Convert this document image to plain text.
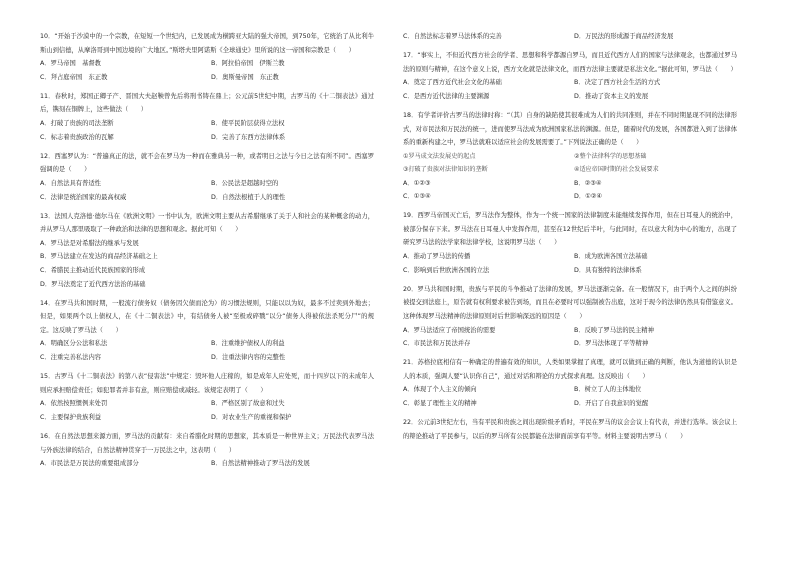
10．“开始于沙漠中的一个宗教，在短短一个世纪内，已发展成为横跨亚大陆的强大帝国，到750年，它统治了从比利牛斯山到信德，从摩洛哥到中国边境的广大地区。”斯塔夫里阿诺斯《全球通史》里所说的这一帝国和宗教是（　　）
A．罗马帝国　基督教	B．阿拉伯帝国　伊斯兰教
C．拜占庭帝国　东正教	D．奥斯曼帝国　东正教
11．春秋时，郑国正卿子产、晋国大夫赵鞅曾先后将刑书铸在鼎上；公元前5世纪中期，古罗马的《十二铜表法》通过后，镌刻在铜牌上，这些做法（　　）
A．打破了贵族的司法垄断	B．使平民阶层获得立法权
C．标志着贵族政治的瓦解	D．完善了东西方法律体系
12．西塞罗认为：“普遍真正的法，就不会在罗马为一种而在雅典另一种，或者明日之法与今日之法有所不同”。西塞罗强调的是（　　）
A．自然法具有普适性	B．公民法是超越时空的
C．法律是统治国家的最高权威	D．自然法根植于人的理性
13．法国人克洛德·德尔马在《欧洲文明》一书中认为，欧洲文明主要从古希腊继承了关于人和社会的某种概念的动力，并从罗马人那里吸取了一种政治和法律的思想和观念。据此可知（　　）
A．罗马法是对希腊法的继承与发展
B．罗马法建立在发达的商品经济基础之上
C．希腊民主推动近代民族国家的形成
D．罗马法奠定了近代西方法治的基础
14．在罗马共和国时期，一般流行债务奴（债务因欠债而沦为）的习惯法规则，只能以以为奴，最多不过卖到外地去；但是，如果两个以上债权人，在《十二铜表法》中，有结债务人被“至极或碎戮”以分“债务人得被依法杀死分尸”的规定。这反映了罗马法（　　）
A．明确区分公法和私法	B．注重维护债权人的利益
C．注重完善私法内容	D．注重法律内容的完整性
15．古罗马《十二铜表法》的第八表“侵害法”中规定：毁坏他人庄稼的，如是成年人应处死，而十四岁以下的未成年人则应承担赔偿责任；如犯罪者并非有意，则应赔偿或减轻。该规定表明了（　　）
A．依然按照惯例来处罚	B．严格区别了故意和过失
C．主要保护贵族利益	D．对农业生产的重视和保护
16．在自然法思想来源方面，罗马法的贡献有：来自希腊化时期的思想家，其本质是一种世界主义；万民法代表罗马法与外族法律的结合，自然法精神贯穿于一万民法之中，这表明（　　）
A．市民法是万民法的重要组成部分	B．自然法精神推动了罗马法的发展
C．自然法标志着罗马法体系的完善	D．万民法的形成源于商品经济发展
17．“事实上，不但近代西方社会的学者、思想和科学都源自罗马，而且近代西方人们的国家与法律观念，也都通过罗马法的原则与精神，在这个意义上说，西方文化就是法律文化，而西方法律主要就是私法文化。”据此可知，罗马法（　　）
A．奠定了西方近代社会文化的基础	B．决定了西方社会生活的方式
C．是西方近代法律的主要渊源	D．推动了资本主义的发展
18．有学者评价古罗马的法律时称：“（其）自身的缺陷使其很难成为人们的共同准则，并在不同时期显现不同的法律形式，对市民法和万民法的统一，进而使罗马法成为欧洲国家私法的渊源。但是，随着时代的发展，各国都进入到了法律体系的重新构建之中，罗马法就难以适应社会的发展需要了。”下列说法正确的是（　　）
①罗马成文法发展史的起点	②整个法律科学的思想基础
③打破了贵族对法律知识的垄断	④适应帝国时期的社会发展要求
A．①②③	B．②③④
C．①③④	D．①②④
19．西罗马帝国灭亡后，罗马法作为整体，作为一个统一国家的法律制度未能继续发挥作用，但在日耳曼人的统治中，被部分保存下来。罗马法在日耳曼人中发挥作用，甚至在12世纪后半叶，与此同时，在以意大利为中心的地方，出现了研究罗马法的法学家和法律学校，这说明罗马法（　　）
A．推动了罗马法的传播	B．成为欧洲各国立法基础
C．影响到后世欧洲各国的立法	D．具有独特的法律体系
20．罗马共和国时期，贵族与平民的斗争推动了法律的发展，罗马法逐渐完备。在一般情况下，由于两个人之间的纠纷被提交到法庭上，原告就有权利要求被告到场，而且在必要时可以强制被告出庭，这对于现今的法律仍然具有借鉴意义。这种体现罗马法精神的法律原则对后世影响深远的原因是（　　）
A．罗马法适应了帝国统治的需要	B．反映了罗马法的民主精神
C．市民法和万民法并存	D．罗马法体现了平等精神
21．苏格拉底相信有一种确定的普遍有效的知识，人类如果掌握了真理，就可以做到正确的判断，他认为道德的认识是人的本质，强调人要“认识你自己”，通过对话和辩论的方式探求真理。这反映出（　　）
A．体现了个人主义的倾向	B．树立了人的主体地位
C．彰显了理性主义的精神	D．开启了自我意识的觉醒
22．公元前3世纪左右，当有平民和贵族之间出现阶级矛盾时，平民在罗马的议会会议上有代表，并进行选举。该会议上的辩论推动了平民参与，以后的罗马所有公民都能在法律面前享有平等。材料主要说明古罗马（　　）
